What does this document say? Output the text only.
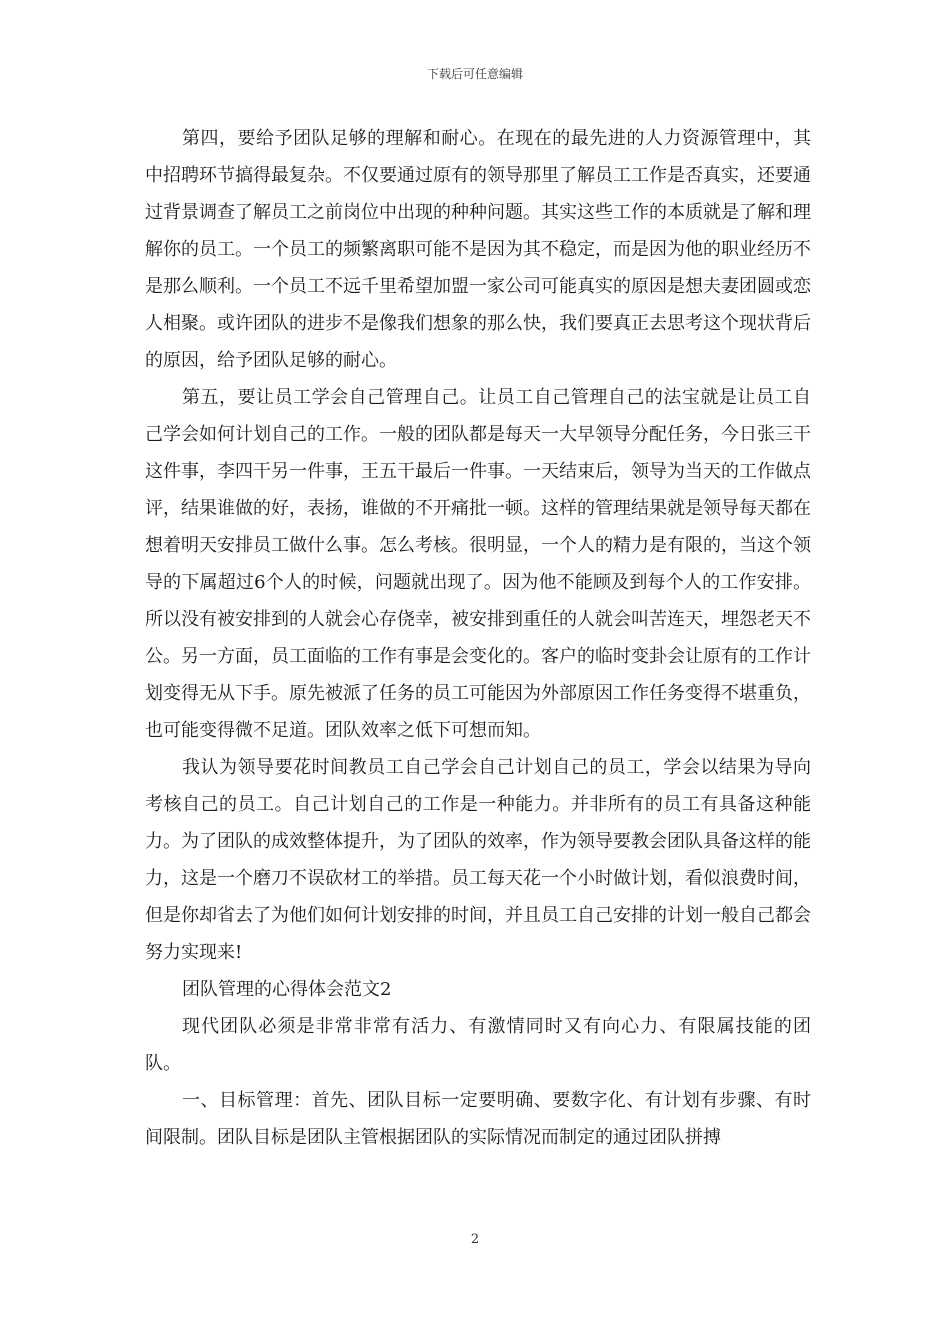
下载后可任意编辑

第四，要给予团队足够的理解和耐心。在现在的最先进的人力资源管理中，其中招聘环节搞得最复杂。不仅要通过原有的领导那里了解员工工作是否真实，还要通过背景调查了解员工之前岗位中出现的种种问题。其实这些工作的本质就是了解和理解你的员工。一个员工的频繁离职可能不是因为其不稳定，而是因为他的职业经历不是那么顺利。一个员工不远千里希望加盟一家公司可能真实的原因是想夫妻团圆或恋人相聚。或许团队的进步不是像我们想象的那么快，我们要真正去思考这个现状背后的原因，给予团队足够的耐心。

第五，要让员工学会自己管理自己。让员工自己管理自己的法宝就是让员工自己学会如何计划自己的工作。一般的团队都是每天一大早领导分配任务，今日张三干这件事，李四干另一件事，王五干最后一件事。一天结束后，领导为当天的工作做点评，结果谁做的好，表扬，谁做的不开痛批一顿。这样的管理结果就是领导每天都在想着明天安排员工做什么事。怎么考核。很明显，一个人的精力是有限的，当这个领导的下属超过6个人的时候，问题就出现了。因为他不能顾及到每个人的工作安排。所以没有被安排到的人就会心存侥幸，被安排到重任的人就会叫苦连天，埋怨老天不公。另一方面，员工面临的工作有事是会变化的。客户的临时变卦会让原有的工作计划变得无从下手。原先被派了任务的员工可能因为外部原因工作任务变得不堪重负，也可能变得微不足道。团队效率之低下可想而知。

我认为领导要花时间教员工自己学会自己计划自己的员工，学会以结果为导向考核自己的员工。自己计划自己的工作是一种能力。并非所有的员工有具备这种能力。为了团队的成效整体提升，为了团队的效率，作为领导要教会团队具备这样的能力，这是一个磨刀不误砍材工的举措。员工每天花一个小时做计划，看似浪费时间，但是你却省去了为他们如何计划安排的时间，并且员工自己安排的计划一般自己都会努力实现来!

团队管理的心得体会范文2

现代团队必须是非常非常有活力、有激情同时又有向心力、有限属技能的团队。

一、目标管理：首先、团队目标一定要明确、要数字化、有计划有步骤、有时间限制。团队目标是团队主管根据团队的实际情况而制定的通过团队拼搏

2
